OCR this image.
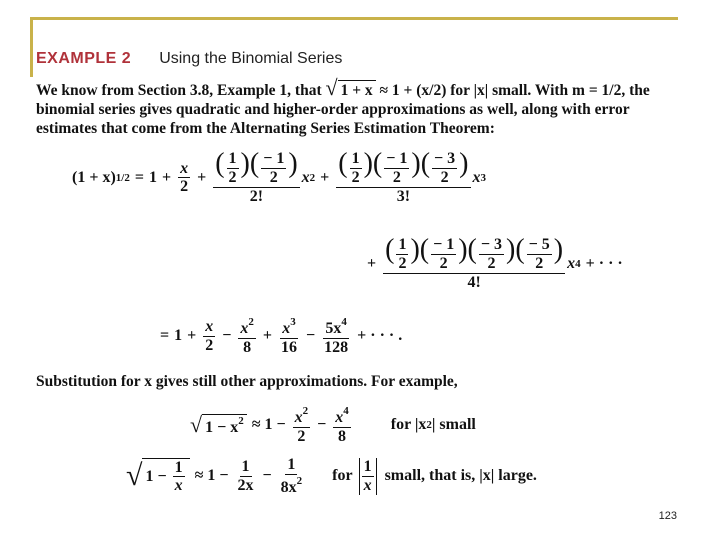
EXAMPLE 2 Using the Binomial Series
We know from Section 3.8, Example 1, that √ 1 + x ≈ 1 + (x/2) for |x| small. With m = 1/2, the binomial series gives quadratic and higher-order approximations as well, along with error estimates that come from the Alternating Series Estimation Theorem:
(1 + x) $1/2 = 1 + \frac{x}{2} + \frac{( \frac{1}{2} )( \frac{- 1}{2} )}{2!}$ x $2 + \frac{( \frac{1}{2} )( \frac{- 1}{2} )( \frac{- 3}{2} )}{3!}$ x 3
+ $\frac{( \frac{1}{2} )( \frac{- 1}{2} )( \frac{- 3}{2} )( \frac{- 5}{2} )}{4!}$ x 4 + · · ·
= $1 + \frac{x}{2} - \frac{x^2}{8} + \frac{x^3}{16} - \frac{5x^4}{128}$ + · · · .
Substitution for x gives still other approximations. For example,
√ $1 - x^2 \approx 1 - \frac{x^2}{2} - \frac{x^4}{8}$	for |x 2 | small
√ $1 - \frac{1}{x} \approx 1 - \frac{1}{2x} - \frac{1}{8x^2}$ for $\frac{1}{x}$ small, that is, |x| large.
123
